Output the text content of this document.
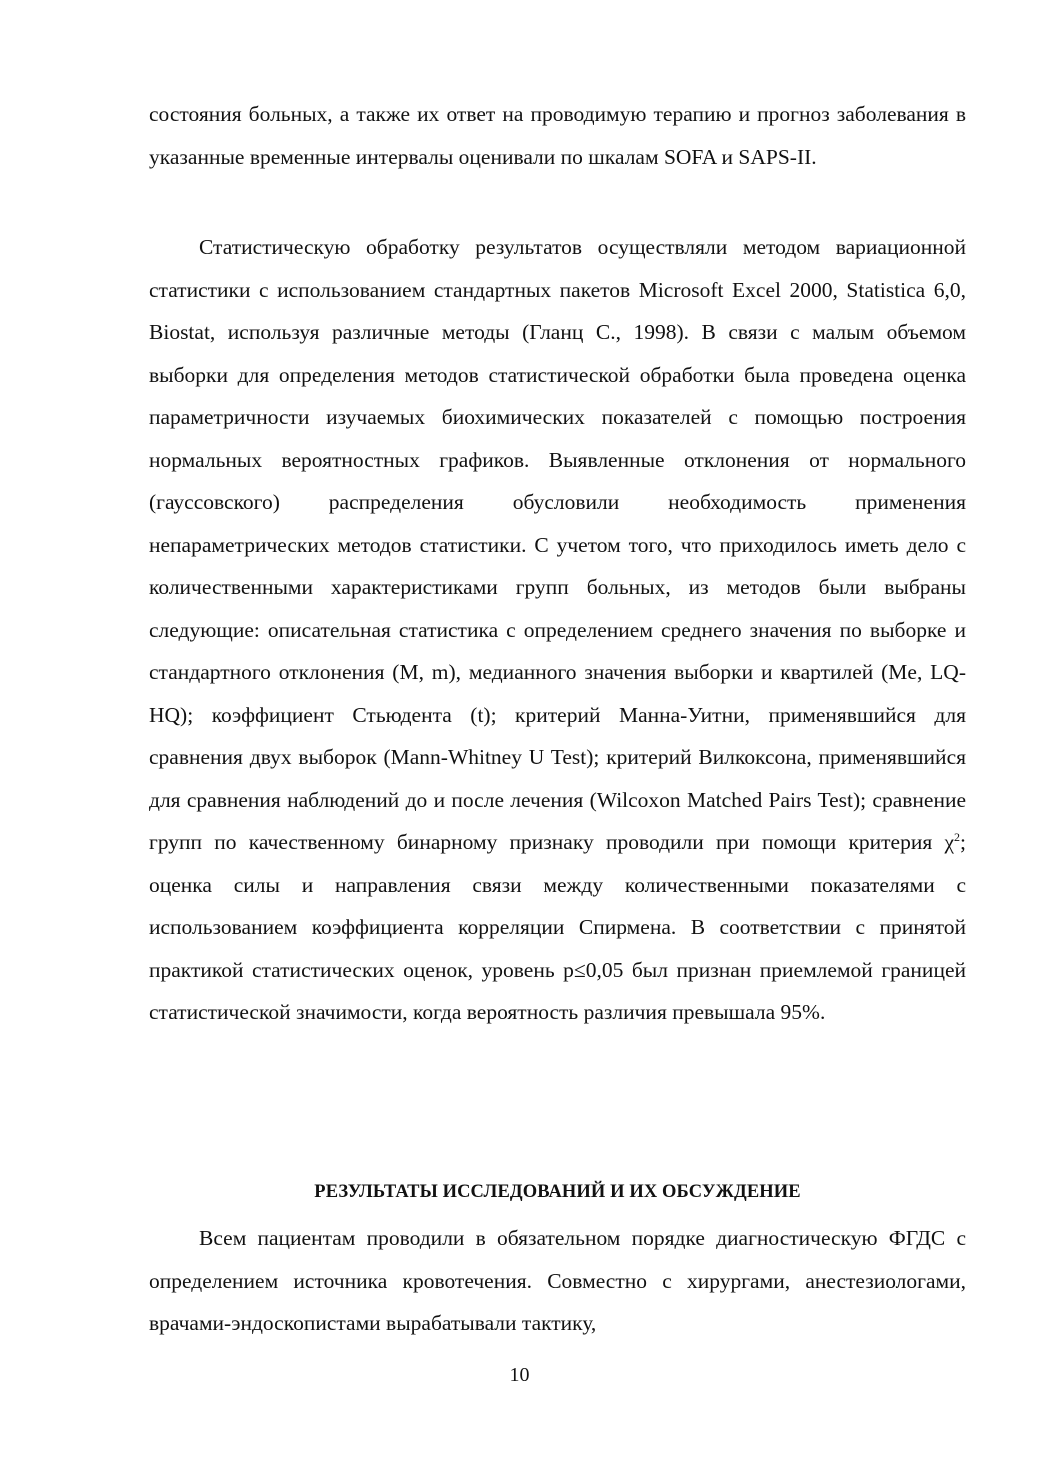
состояния больных, а также их ответ на проводимую терапию и прогноз заболевания в указанные временные интервалы оценивали по шкалам SOFA и SAPS-II.
Статистическую обработку результатов осуществляли методом вариационной статистики с использованием стандартных пакетов Microsoft Excel 2000, Statistica 6,0, Biostat, используя различные методы (Гланц С., 1998). В связи с малым объемом выборки для определения методов статистической обработки была проведена оценка параметричности изучаемых биохимических показателей с помощью построения нормальных вероятностных графиков. Выявленные отклонения от нормального (гауссовского) распределения обусловили необходимость применения непараметрических методов статистики. С учетом того, что приходилось иметь дело с количественными характеристиками групп больных, из методов были выбраны следующие: описательная статистика с определением среднего значения по выборке и стандартного отклонения (M, m), медианного значения выборки и квартилей (Me, LQ-HQ); коэффициент Стьюдента (t); критерий Манна-Уитни, применявшийся для сравнения двух выборок (Mann-Whitney U Test); критерий Вилкоксона, применявшийся для сравнения наблюдений до и после лечения (Wilcoxon Matched Pairs Test); сравнение групп по качественному бинарному признаку проводили при помощи критерия $\chi^2$; оценка силы и направления связи между количественными показателями с использованием коэффициента корреляции Спирмена. В соответствии с принятой практикой статистических оценок, уровень p≤0,05 был признан приемлемой границей статистической значимости, когда вероятность различия превышала 95%.
РЕЗУЛЬТАТЫ ИССЛЕДОВАНИЙ И ИХ ОБСУЖДЕНИЕ
Всем пациентам проводили в обязательном порядке диагностическую ФГДС с определением источника кровотечения. Совместно с хирургами, анестезиологами, врачами-эндоскопистами вырабатывали тактику,
10
